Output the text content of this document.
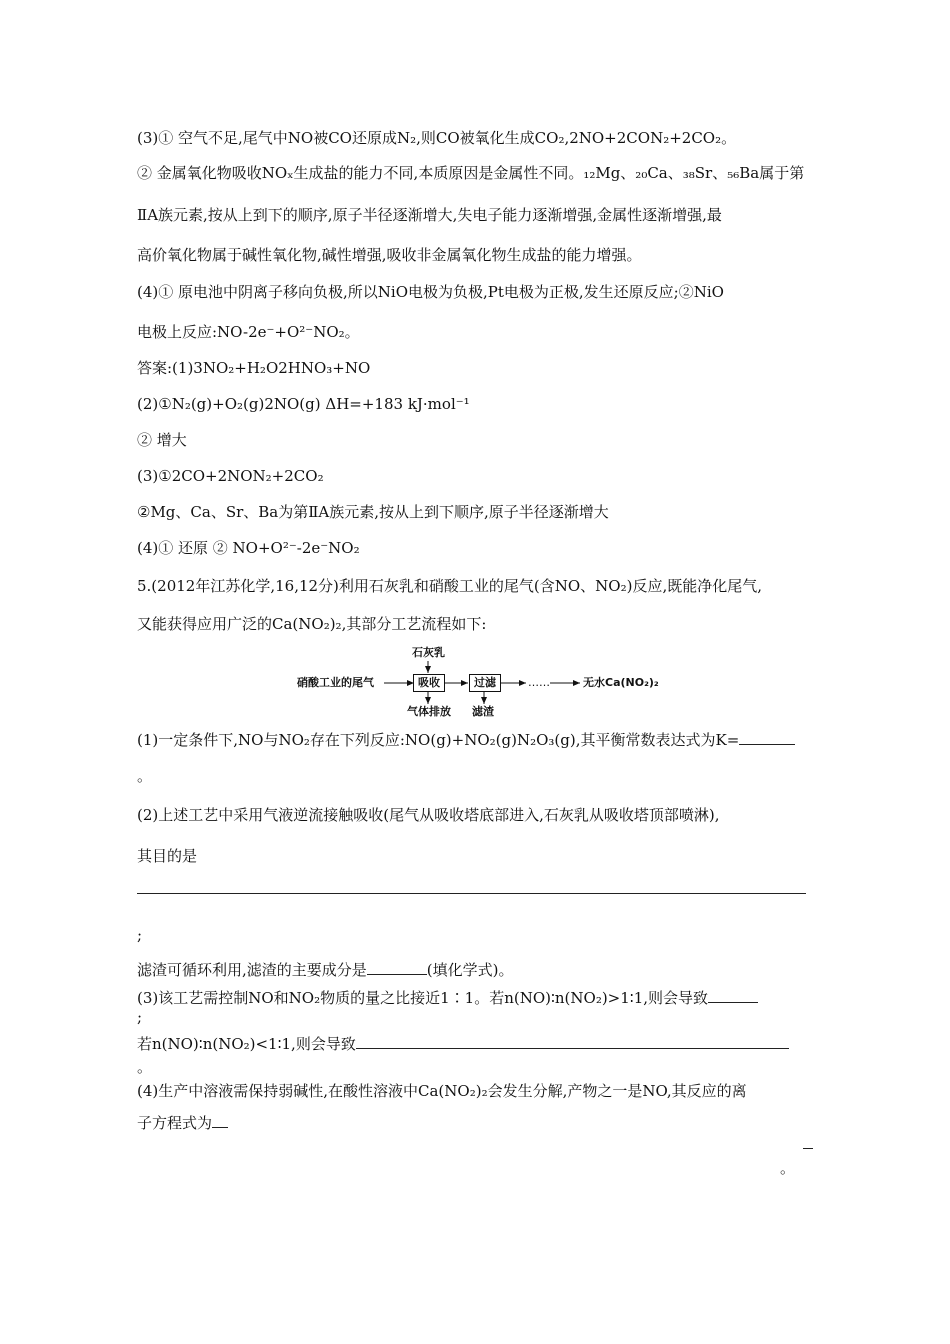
(3)① 空气不足,尾气中NO被CO还原成N₂,则CO被氧化生成CO₂,2NO+2CON₂+2CO₂。
② 金属氧化物吸收NOₓ生成盐的能力不同,本质原因是金属性不同。₁₂Mg、₂₀Ca、₃₈Sr、₅₆Ba属于第
ⅡA族元素,按从上到下的顺序,原子半径逐渐增大,失电子能力逐渐增强,金属性逐渐增强,最
高价氧化物属于碱性氧化物,碱性增强,吸收非金属氧化物生成盐的能力增强。
(4)① 原电池中阴离子移向负极,所以NiO电极为负极,Pt电极为正极,发生还原反应;②NiO
电极上反应:NO-2e⁻+O²⁻NO₂。
答案:(1)3NO₂+H₂O2HNO₃+NO
(2)①N₂(g)+O₂(g)2NO(g) ΔH=+183 kJ·mol⁻¹
② 增大
(3)①2CO+2NON₂+2CO₂
②Mg、Ca、Sr、Ba为第ⅡA族元素,按从上到下顺序,原子半径逐渐增大
(4)① 还原 ② NO+O²⁻-2e⁻NO₂
5.(2012年江苏化学,16,12分)利用石灰乳和硝酸工业的尾气(含NO、NO₂)反应,既能净化尾气,
又能获得应用广泛的Ca(NO₂)₂,其部分工艺流程如下:
硝酸工业的尾气
石灰乳
吸收	过滤
气体排放 滤渣
……	无水Ca(NO₂)₂
(1)一定条件下,NO与NO₂存在下列反应:NO(g)+NO₂(g)N₂O₃(g),其平衡常数表达式为K=
。
(2)上述工艺中采用气液逆流接触吸收(尾气从吸收塔底部进入,石灰乳从吸收塔顶部喷淋),
其目的是
;
滤渣可循环利用,滤渣的主要成分是	(填化学式)。
(3)该工艺需控制NO和NO₂物质的量之比接近1∶1。若n(NO)∶n(NO₂)>1∶1,则会导致
;
若n(NO)∶n(NO₂)<1∶1,则会导致
。
(4)生产中溶液需保持弱碱性,在酸性溶液中Ca(NO₂)₂会发生分解,产物之一是NO,其反应的离
子方程式为
。
